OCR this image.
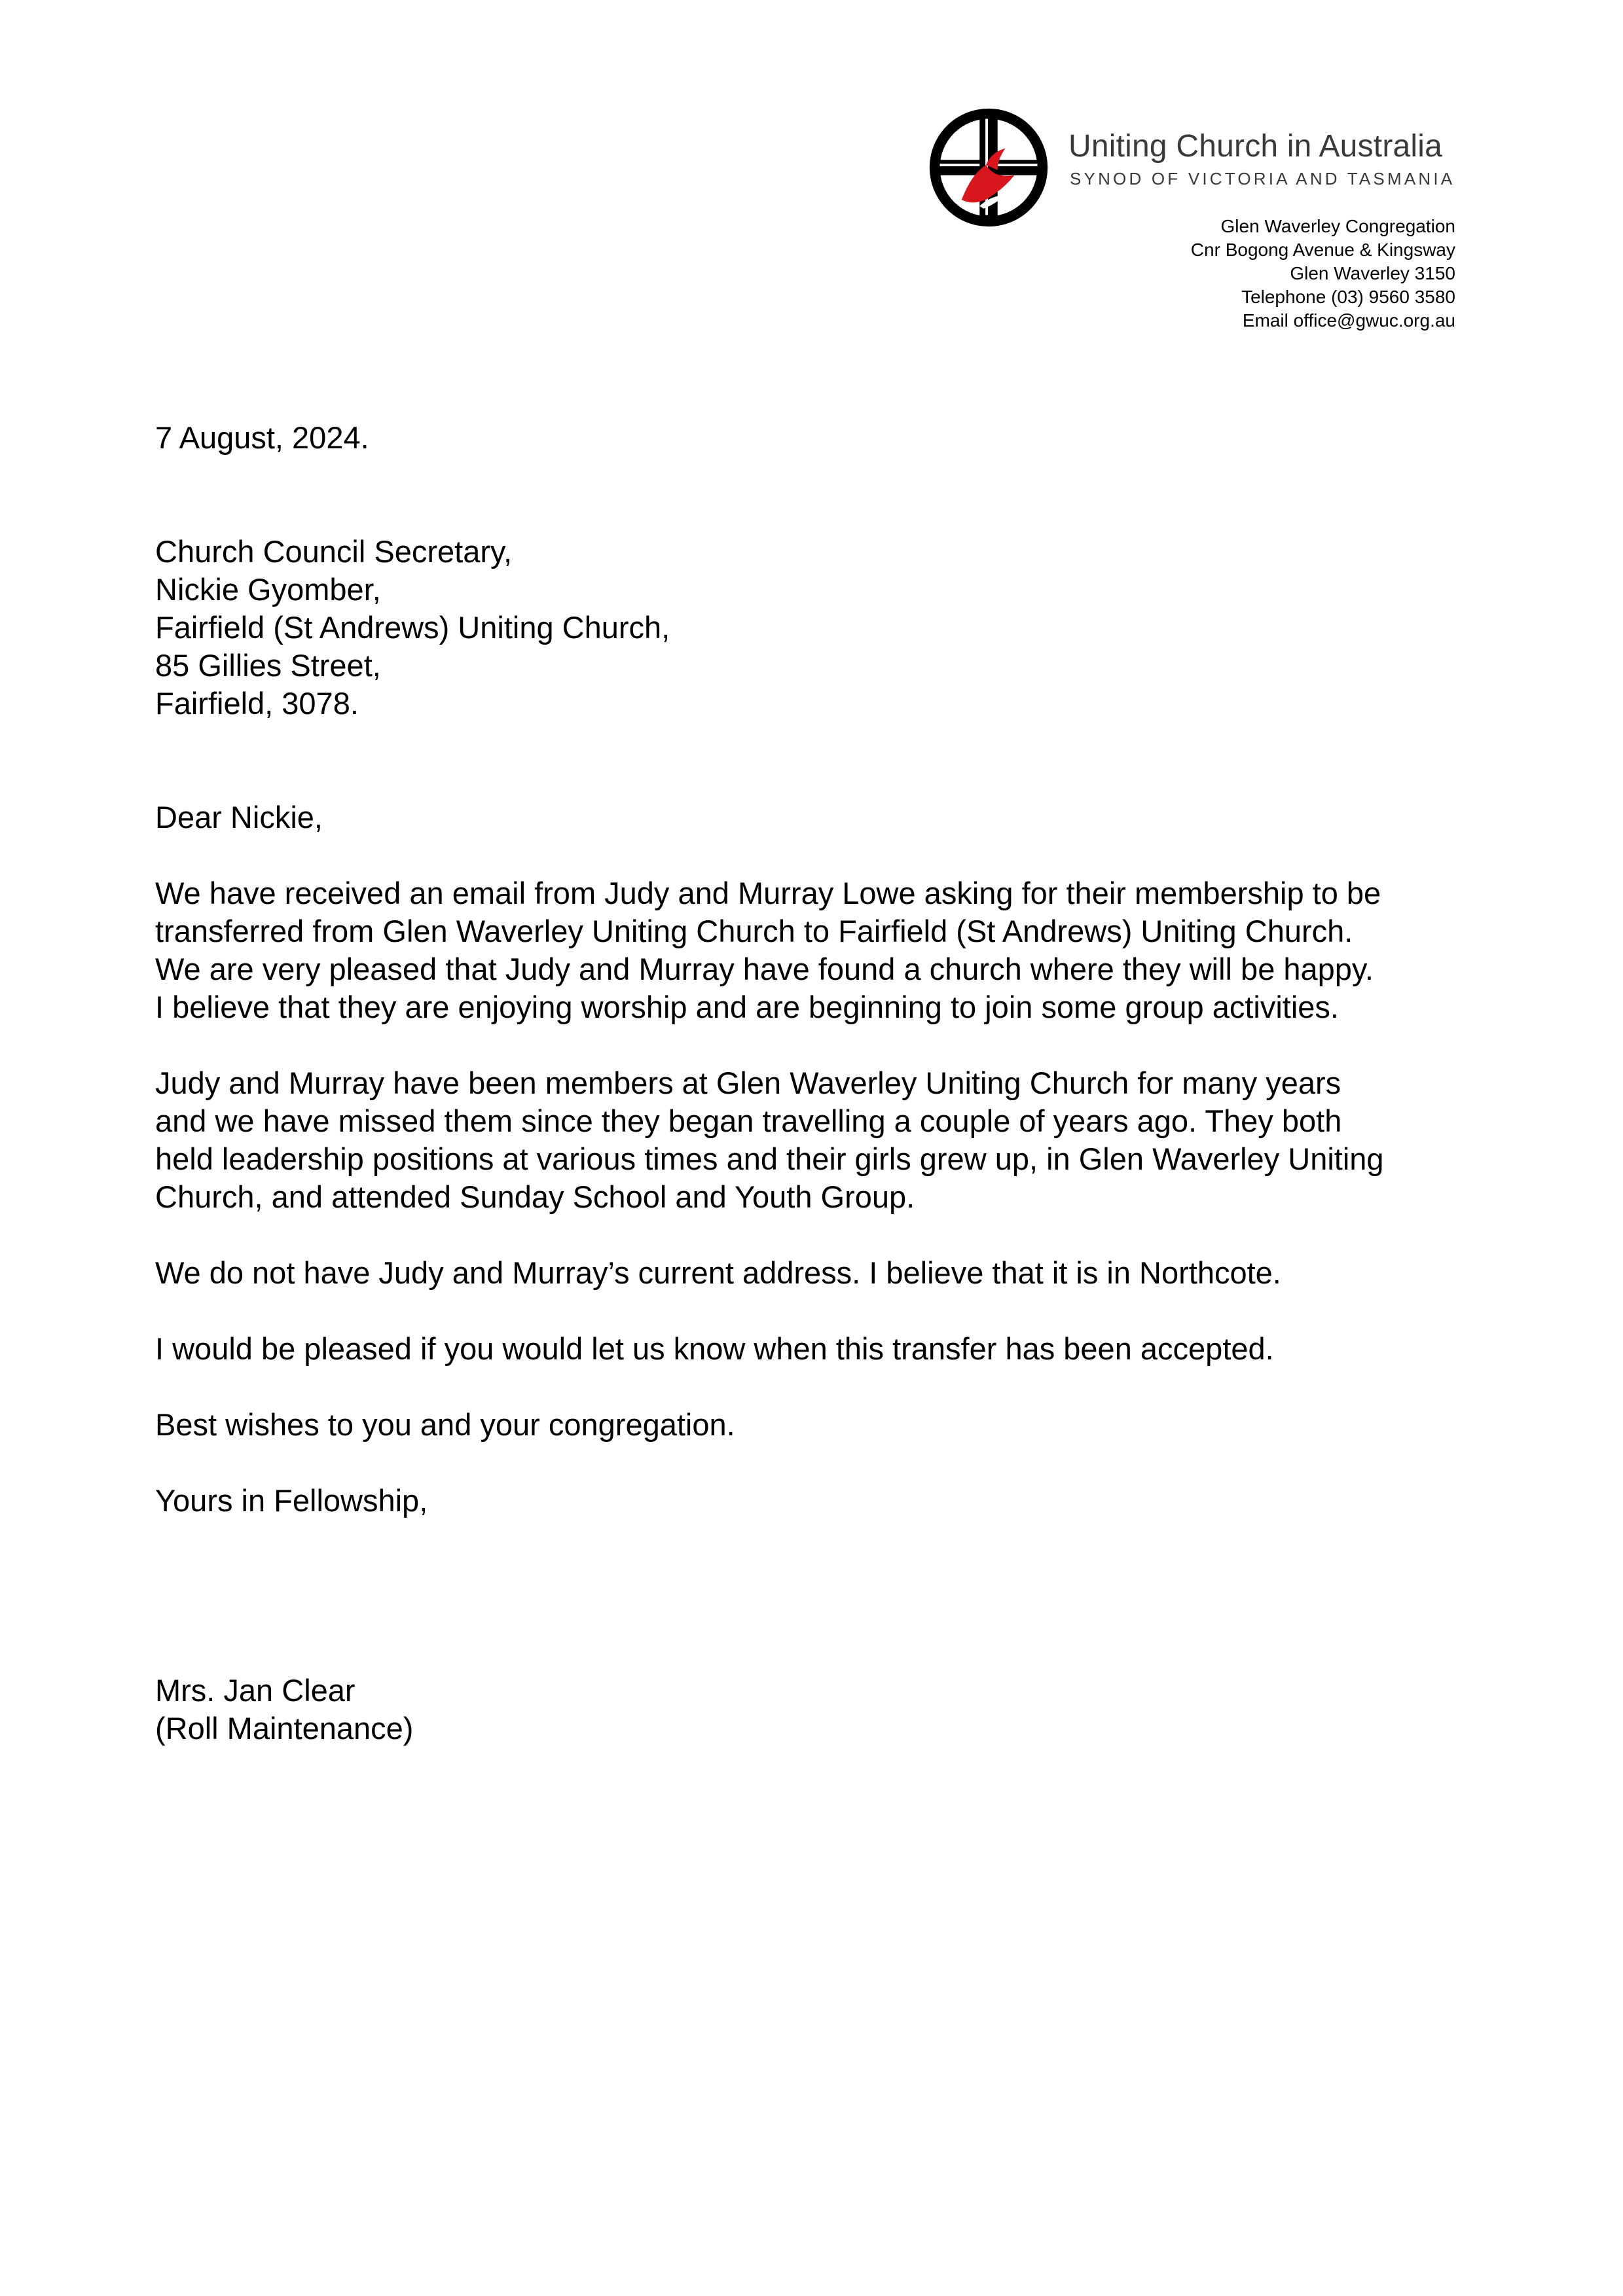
Uniting Church in Australia
SYNOD OF VICTORIA AND TASMANIA
Glen Waverley Congregation
Cnr Bogong Avenue & Kingsway
Glen Waverley 3150
Telephone (03) 9560 3580
Email office@gwuc.org.au

7 August, 2024.

Church Council Secretary,
Nickie Gyomber,
Fairfield (St Andrews) Uniting Church,
85 Gillies Street,
Fairfield, 3078.

Dear Nickie,

We have received an email from Judy and Murray Lowe asking for their membership to be
transferred from Glen Waverley Uniting Church to Fairfield (St Andrews) Uniting Church.
We are very pleased that Judy and Murray have found a church where they will be happy.
I believe that they are enjoying worship and are beginning to join some group activities.

Judy and Murray have been members at Glen Waverley Uniting Church for many years
and we have missed them since they began travelling a couple of years ago. They both
held leadership positions at various times and their girls grew up, in Glen Waverley Uniting
Church, and attended Sunday School and Youth Group.

We do not have Judy and Murray’s current address. I believe that it is in Northcote.

I would be pleased if you would let us know when this transfer has been accepted.

Best wishes to you and your congregation.

Yours in Fellowship,

Mrs. Jan Clear
(Roll Maintenance)
